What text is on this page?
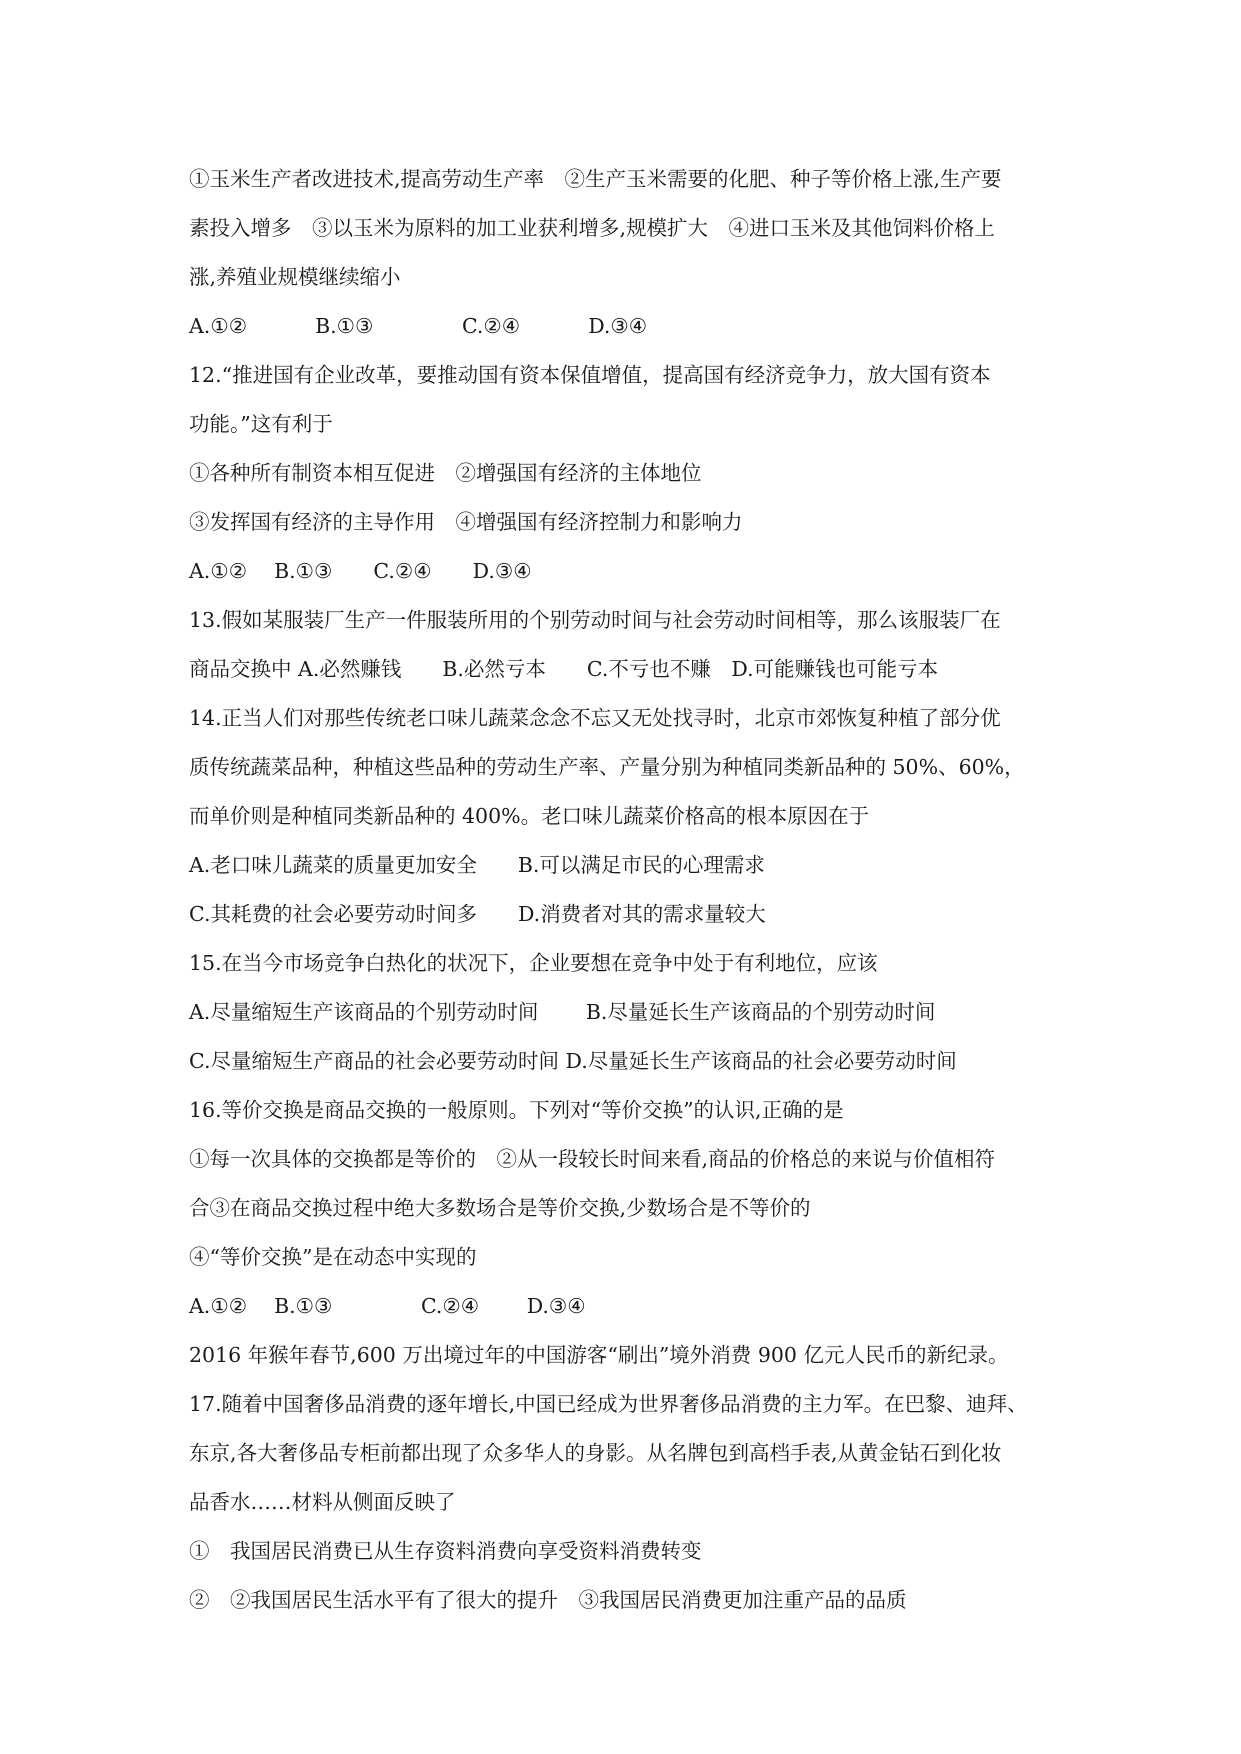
①玉米生产者改进技术,提高劳动生产率　②生产玉米需要的化肥、种子等价格上涨,生产要
素投入增多　③以玉米为原料的加工业获利增多,规模扩大　④进口玉米及其他饲料价格上
涨,养殖业规模继续缩小
A.①②　　　 B.①③　　　　 C.②④　　　 D.③④
12.“推进国有企业改革，要推动国有资本保值增值，提高国有经济竞争力，放大国有资本
功能。”这有利于
①各种所有制资本相互促进　②增强国有经济的主体地位
③发挥国有经济的主导作用　④增强国有经济控制力和影响力
A.①②　 B.①③　　C.②④　　D.③④
13.假如某服装厂生产一件服装所用的个别劳动时间与社会劳动时间相等，那么该服装厂在
商品交换中 A.必然赚钱　　B.必然亏本　　C.不亏也不赚　D.可能赚钱也可能亏本
14.正当人们对那些传统老口味儿蔬菜念念不忘又无处找寻时，北京市郊恢复种植了部分优
质传统蔬菜品种，种植这些品种的劳动生产率、产量分别为种植同类新品种的 50%、60%，
而单价则是种植同类新品种的 400%。老口味儿蔬菜价格高的根本原因在于
A.老口味儿蔬菜的质量更加安全　　B.可以满足市民的心理需求
C.其耗费的社会必要劳动时间多　　D.消费者对其的需求量较大
15.在当今市场竞争白热化的状况下，企业要想在竞争中处于有利地位，应该
A.尽量缩短生产该商品的个别劳动时间　　 B.尽量延长生产该商品的个别劳动时间
C.尽量缩短生产商品的社会必要劳动时间 D.尽量延长生产该商品的社会必要劳动时间
16.等价交换是商品交换的一般原则。下列对“等价交换”的认识,正确的是
①每一次具体的交换都是等价的　②从一段较长时间来看,商品的价格总的来说与价值相符
合③在商品交换过程中绝大多数场合是等价交换,少数场合是不等价的
④“等价交换”是在动态中实现的
A.①②　 B.①③　　　　 C.②④　　 D.③④
2016 年猴年春节,600 万出境过年的中国游客“刷出”境外消费 900 亿元人民币的新纪录。
17.随着中国奢侈品消费的逐年增长,中国已经成为世界奢侈品消费的主力军。在巴黎、迪拜、
东京,各大奢侈品专柜前都出现了众多华人的身影。从名牌包到高档手表,从黄金钻石到化妆
品香水……材料从侧面反映了
①　我国居民消费已从生存资料消费向享受资料消费转变
②　②我国居民生活水平有了很大的提升　③我国居民消费更加注重产品的品质
